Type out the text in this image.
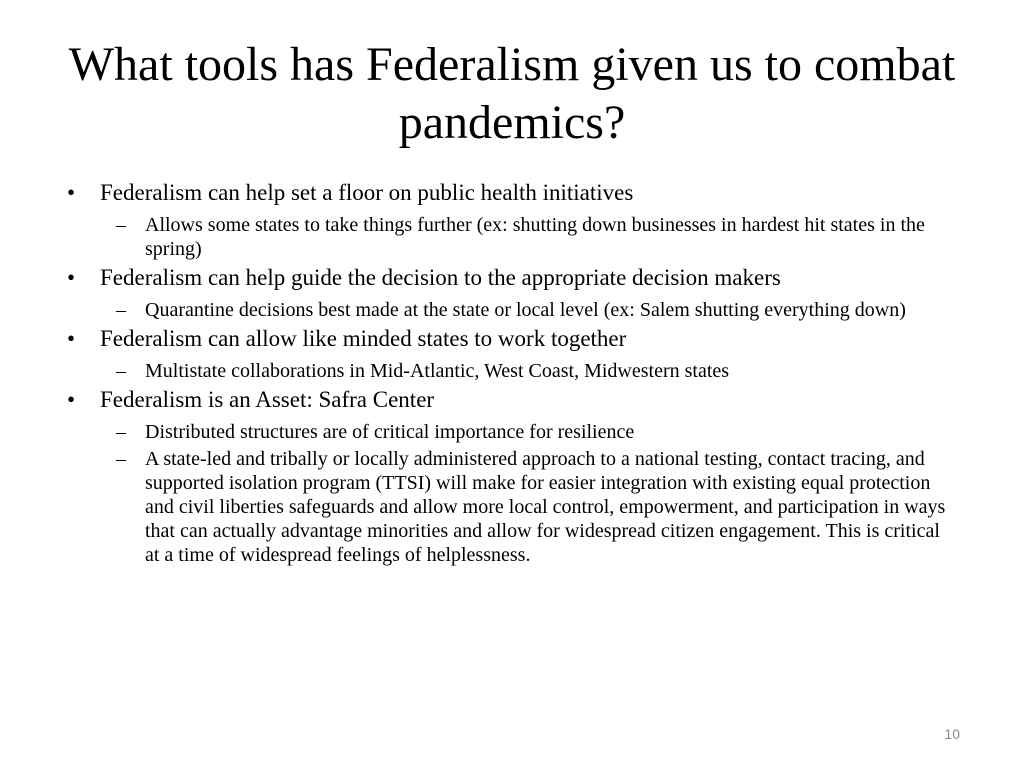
What tools has Federalism given us to combat pandemics?
• Federalism can help set a floor on public health initiatives
– Allows some states to take things further (ex: shutting down businesses in hardest hit states in the spring)
• Federalism can help guide the decision to the appropriate decision makers
– Quarantine decisions best made at the state or local level (ex: Salem shutting everything down)
• Federalism can allow like minded states to work together
– Multistate collaborations in Mid-Atlantic, West Coast, Midwestern states
• Federalism is an Asset: Safra Center
– Distributed structures are of critical importance for resilience
– A state-led and tribally or locally administered approach to a national testing, contact tracing, and supported isolation program (TTSI) will make for easier integration with existing equal protection and civil liberties safeguards and allow more local control, empowerment, and participation in ways that can actually advantage minorities and allow for widespread citizen engagement. This is critical at a time of widespread feelings of helplessness.
10
